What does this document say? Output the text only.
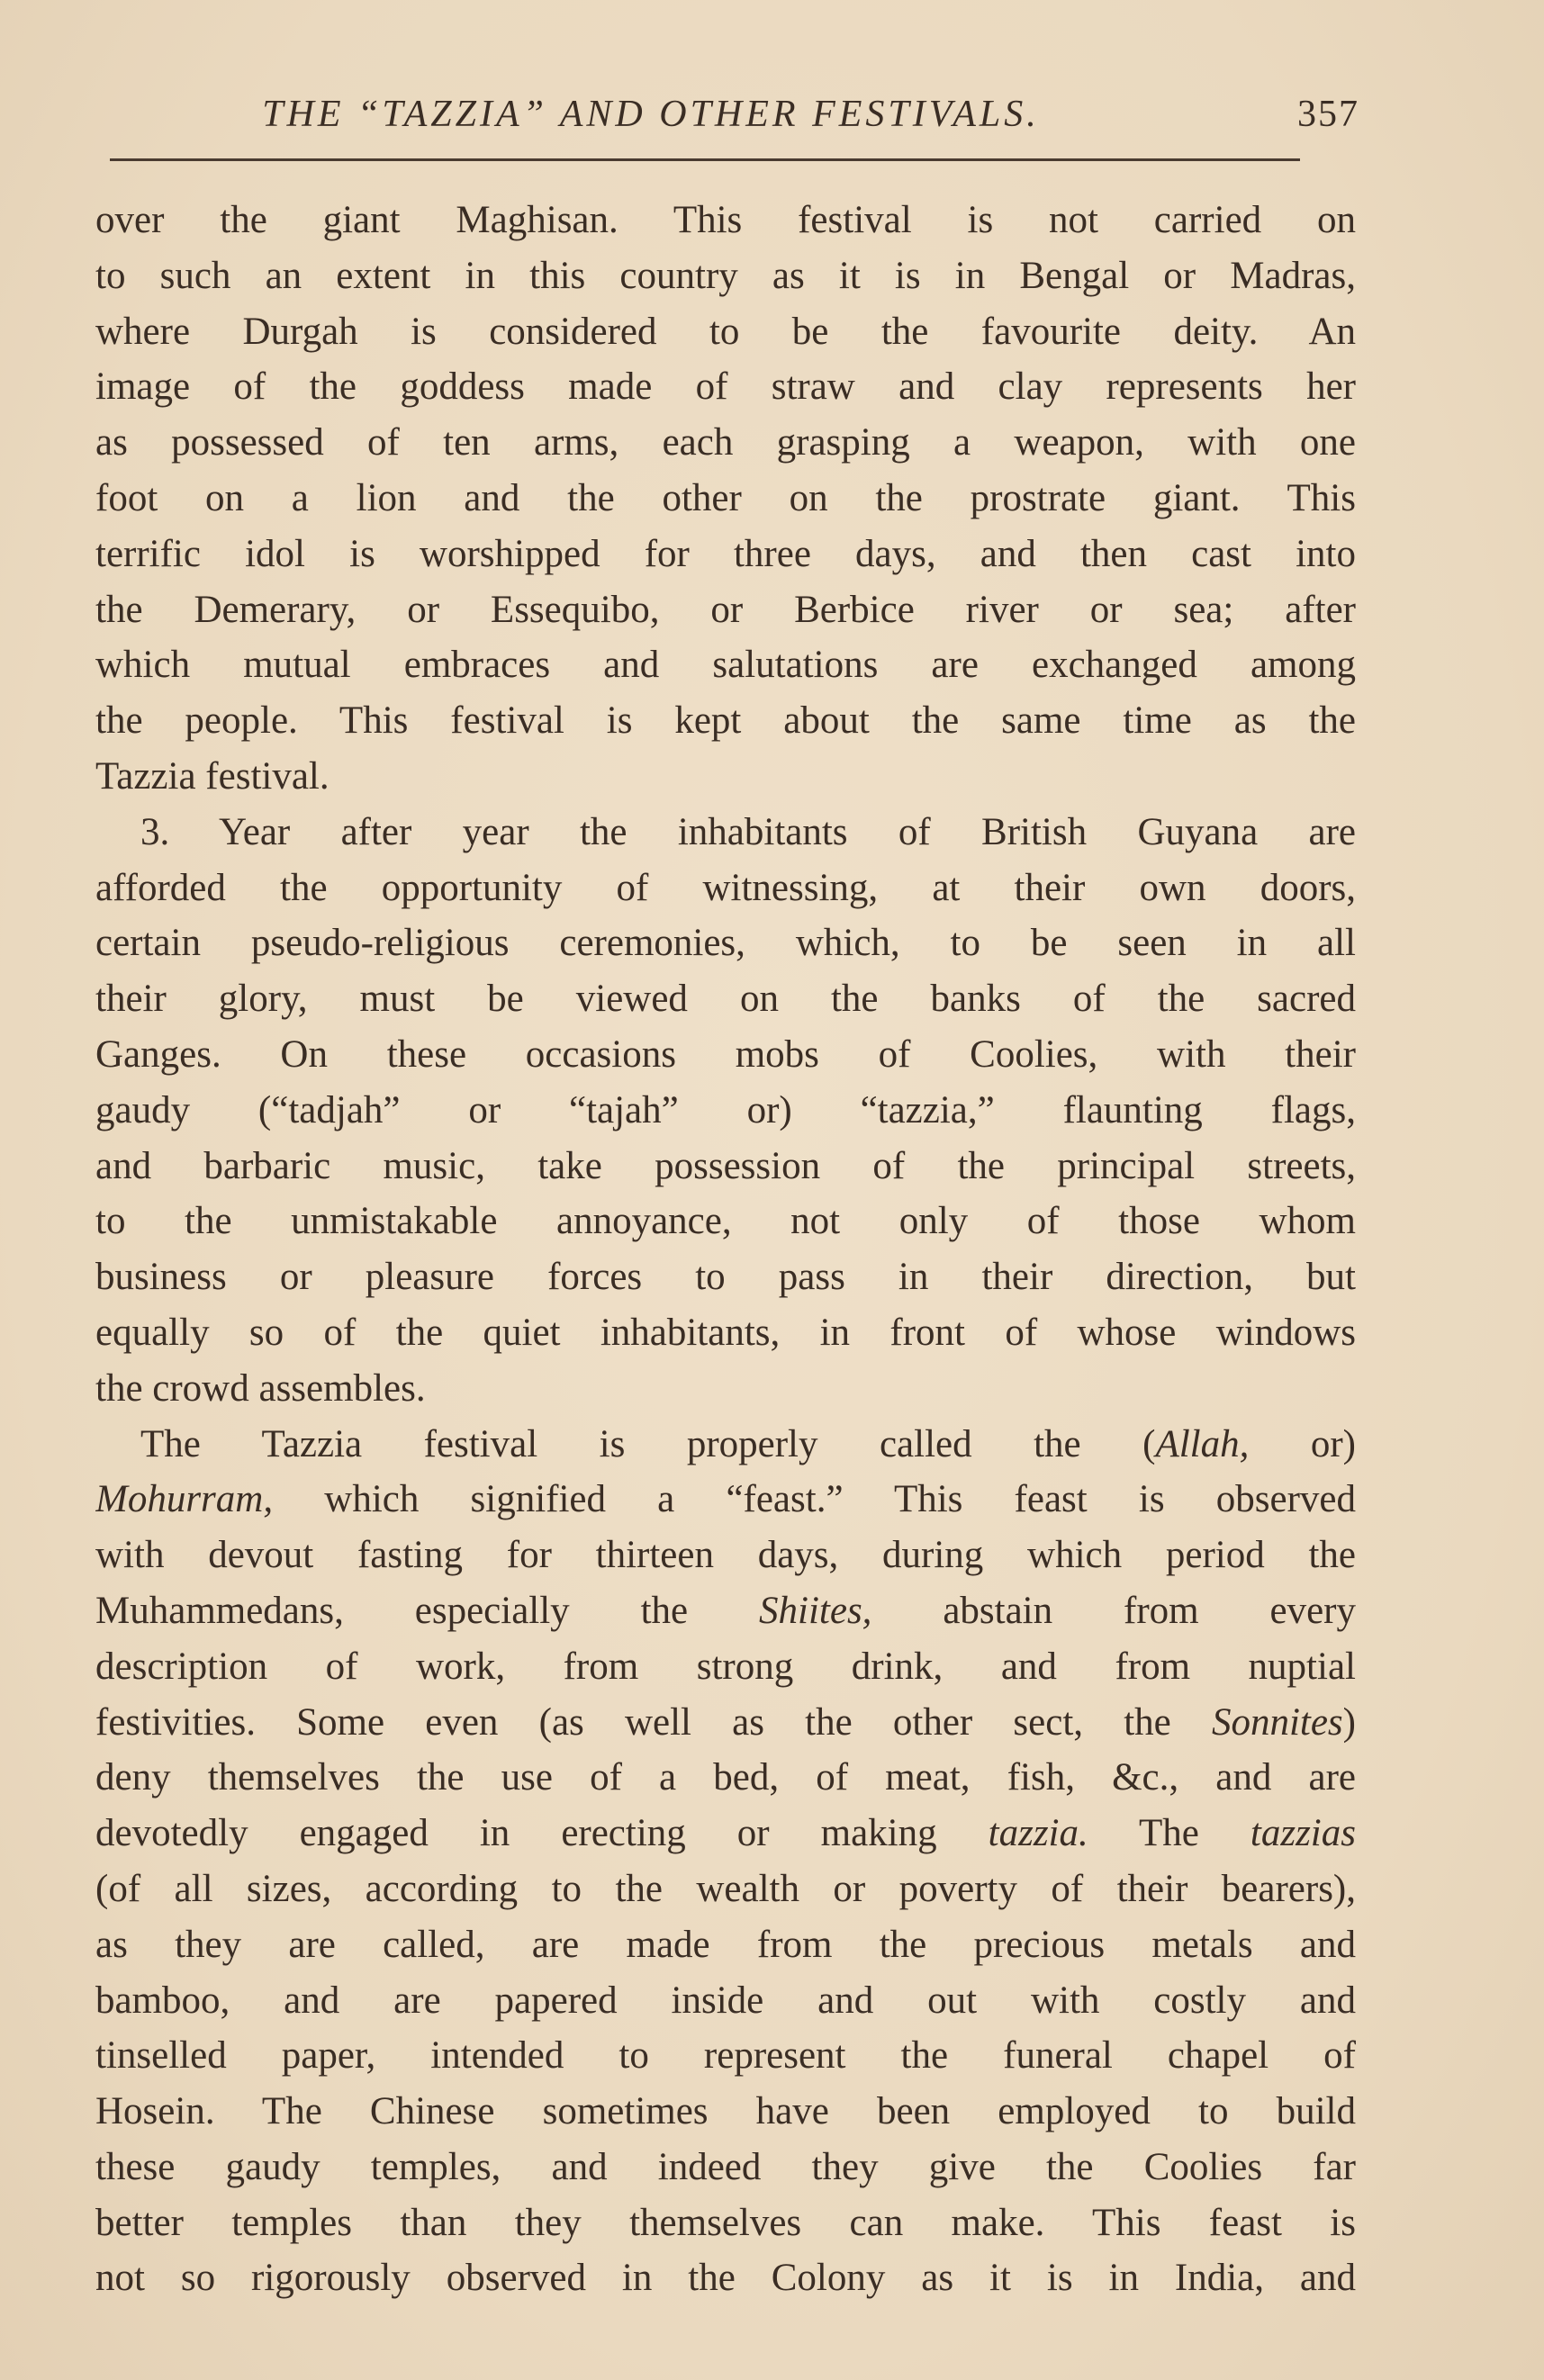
THE “TAZZIA” AND OTHER FESTIVALS.	357
over the giant Maghisan. This festival is not carried on
to such an extent in this country as it is in Bengal or Madras,
where Durgah is considered to be the favourite deity. An
image of the goddess made of straw and clay represents her
as possessed of ten arms, each grasping a weapon, with one
foot on a lion and the other on the prostrate giant. This
terrific idol is worshipped for three days, and then cast into
the Demerary, or Essequibo, or Berbice river or sea; after
which mutual embraces and salutations are exchanged among
the people. This festival is kept about the same time as the
Tazzia festival.
3. Year after year the inhabitants of British Guyana are
afforded the opportunity of witnessing, at their own doors,
certain pseudo-religious ceremonies, which, to be seen in all
their glory, must be viewed on the banks of the sacred
Ganges. On these occasions mobs of Coolies, with their
gaudy (“tadjah” or “tajah” or) “tazzia,” flaunting flags,
and barbaric music, take possession of the principal streets,
to the unmistakable annoyance, not only of those whom
business or pleasure forces to pass in their direction, but
equally so of the quiet inhabitants, in front of whose windows
the crowd assembles.
The Tazzia festival is properly called the (Allah, or)
Mohurram, which signified a “feast.” This feast is observed
with devout fasting for thirteen days, during which period the
Muhammedans, especially the Shiites, abstain from every
description of work, from strong drink, and from nuptial
festivities. Some even (as well as the other sect, the Sonnites)
deny themselves the use of a bed, of meat, fish, &c., and are
devotedly engaged in erecting or making tazzia. The tazzias
(of all sizes, according to the wealth or poverty of their bearers),
as they are called, are made from the precious metals and
bamboo, and are papered inside and out with costly and
tinselled paper, intended to represent the funeral chapel of
Hosein. The Chinese sometimes have been employed to build
these gaudy temples, and indeed they give the Coolies far
better temples than they themselves can make. This feast is
not so rigorously observed in the Colony as it is in India, and
